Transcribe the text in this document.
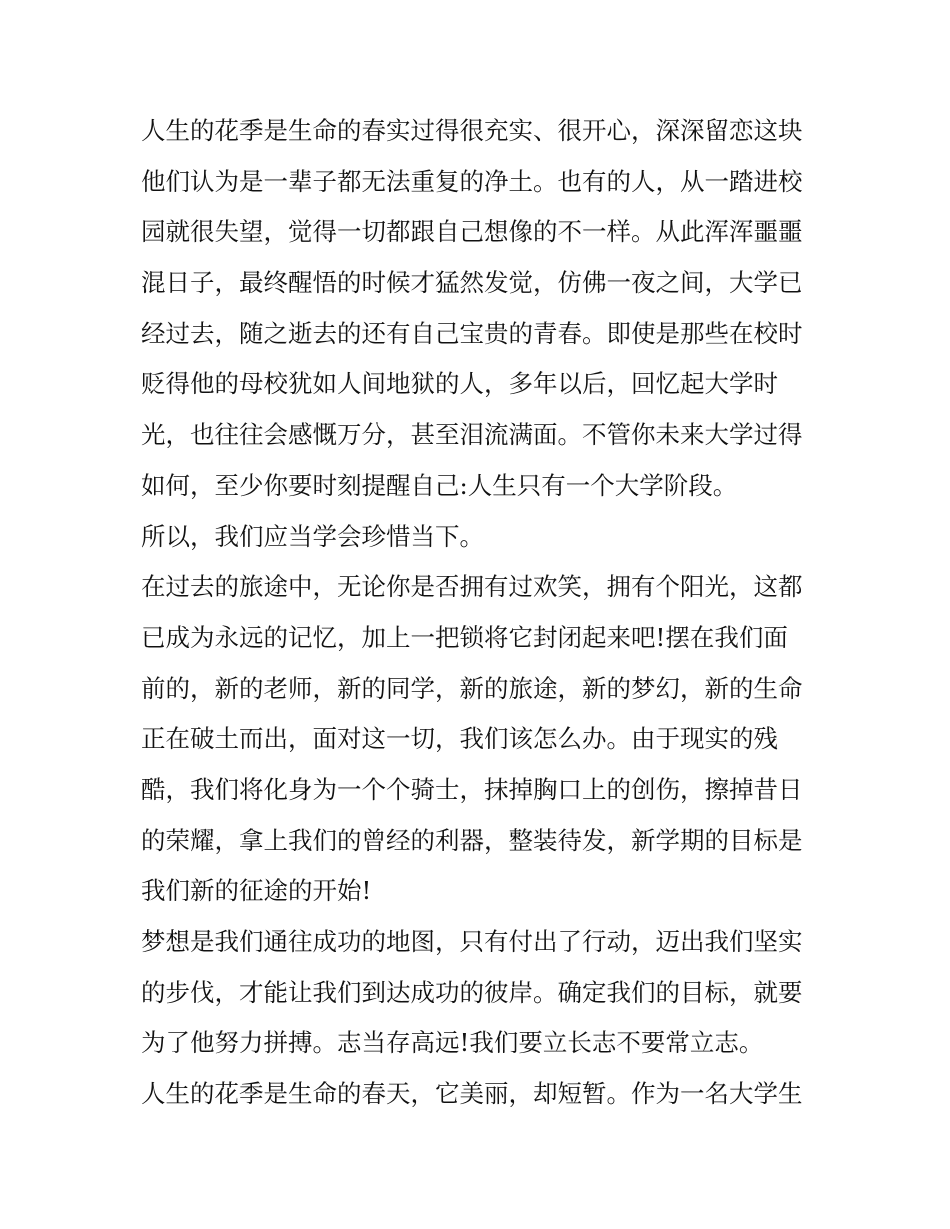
人生的花季是生命的春实过得很充实、很开心，深深留恋这块
他们认为是一辈子都无法重复的净土。也有的人，从一踏进校
园就很失望，觉得一切都跟自己想像的不一样。从此浑浑噩噩
混日子，最终醒悟的时候才猛然发觉，仿佛一夜之间，大学已
经过去，随之逝去的还有自己宝贵的青春。即使是那些在校时
贬得他的母校犹如人间地狱的人，多年以后，回忆起大学时
光，也往往会感慨万分，甚至泪流满面。不管你未来大学过得
如何，至少你要时刻提醒自己:人生只有一个大学阶段。
所以，我们应当学会珍惜当下。
在过去的旅途中，无论你是否拥有过欢笑，拥有个阳光，这都
已成为永远的记忆，加上一把锁将它封闭起来吧!摆在我们面
前的，新的老师，新的同学，新的旅途，新的梦幻，新的生命
正在破土而出，面对这一切，我们该怎么办。由于现实的残
酷，我们将化身为一个个骑士，抹掉胸口上的创伤，擦掉昔日
的荣耀，拿上我们的曾经的利器，整装待发，新学期的目标是
我们新的征途的开始!
梦想是我们通往成功的地图，只有付出了行动，迈出我们坚实
的步伐，才能让我们到达成功的彼岸。确定我们的目标，就要
为了他努力拼搏。志当存高远!我们要立长志不要常立志。
人生的花季是生命的春天，它美丽，却短暂。作为一名大学生
